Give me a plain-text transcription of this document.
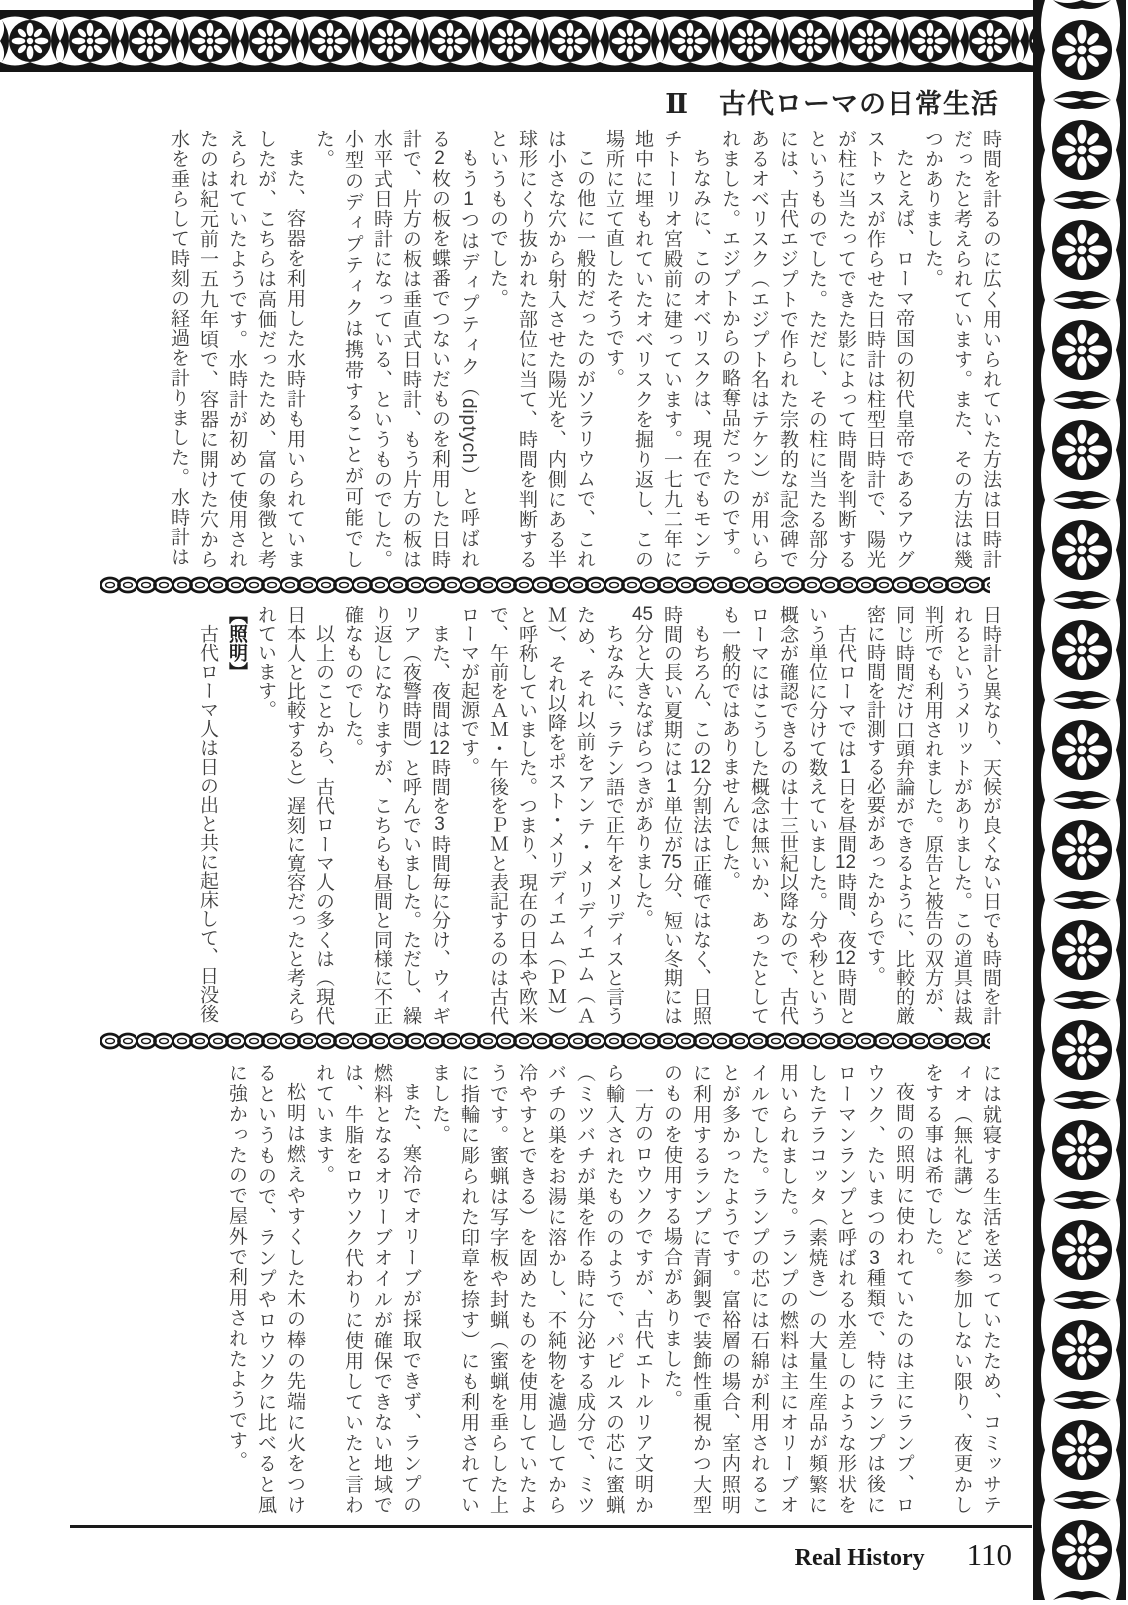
Ⅱ 古代ローマの日常生活

時間を計るのに広く用いられていた方法は日時計だったと考えられています。また、その方法は幾つかありました。

たとえば、ローマ帝国の初代皇帝であるアウグストゥスが作らせた日時計は柱型日時計で、陽光が柱に当たってできた影によって時間を判断するというものでした。ただし、その柱に当たる部分には、古代エジプトで作られた宗教的な記念碑であるオベリスク（エジプト名はテケン）が用いられました。エジプトからの略奪品だったのです。

ちなみに、このオベリスクは、現在でもモンテチトーリオ宮殿前に建っています。一七九二年に地中に埋もれていたオベリスクを掘り返し、この場所に立て直したそうです。

この他に一般的だったのがソラリウムで、これは小さな穴から射入させた陽光を、内側にある半球形にくり抜かれた部位に当て、時間を判断するというものでした。

もう1つはディプティク（diptych）と呼ばれる2枚の板を蝶番でつないだものを利用した日時計で、片方の板は垂直式日時計、もう片方の板は水平式日時計になっている、というものでした。小型のディプティクは携帯することが可能でした。

また、容器を利用した水時計も用いられていましたが、こちらは高価だったため、富の象徴と考えられていたようです。水時計が初めて使用されたのは紀元前一五九年頃で、容器に開けた穴から水を垂らして時刻の経過を計りました。水時計は

日時計と異なり、天候が良くない日でも時間を計れるというメリットがありました。この道具は裁判所でも利用されました。原告と被告の双方が、同じ時間だけ口頭弁論ができるように、比較的厳密に時間を計測する必要があったからです。

古代ローマでは1日を昼間12時間、夜12時間という単位に分けて数えていました。分や秒という概念が確認できるのは十三世紀以降なので、古代ローマにはこうした概念は無いか、あったとしても一般的ではありませんでした。

もちろん、この12分割法は正確ではなく、日照時間の長い夏期には1単位が75分、短い冬期には45分と大きなばらつきがありました。

ちなみに、ラテン語で正午をメリディスと言うため、それ以前をアンテ・メリディエム（ＡＭ）、それ以降をポスト・メリディエム（ＰＭ）と呼称していました。つまり、現在の日本や欧米で、午前をＡＭ・午後をＰＭと表記するのは古代ローマが起源です。

また、夜間は12時間を3時間毎に分け、ウィギリア（夜警時間）と呼んでいました。ただし、繰り返しになりますが、こちらも昼間と同様に不正確なものでした。

以上のことから、古代ローマ人の多くは（現代日本人と比較すると）遅刻に寛容だったと考えられています。

【照明】

古代ローマ人は日の出と共に起床して、日没後

には就寝する生活を送っていたため、コミッサティオ（無礼講）などに参加しない限り、夜更かしをする事は希でした。

夜間の照明に使われていたのは主にランプ、ロウソク、たいまつの3種類で、特にランプは後にローマンランプと呼ばれる水差しのような形状をしたテラコッタ（素焼き）の大量生産品が頻繁に用いられました。ランプの燃料は主にオリーブオイルでした。ランプの芯には石綿が利用されることが多かったようです。富裕層の場合、室内照明に利用するランプに青銅製で装飾性重視かつ大型のものを使用する場合がありました。

一方のロウソクですが、古代エトルリア文明から輸入されたもののようで、パピルスの芯に蜜蝋（ミツバチが巣を作る時に分泌する成分で、ミツバチの巣をお湯に溶かし、不純物を濾過してから冷やすとできる）を固めたものを使用していたようです。蜜蝋は写字板や封蝋（蜜蝋を垂らした上に指輪に彫られた印章を捺す）にも利用されていました。

また、寒冷でオリーブが採取できず、ランプの燃料となるオリーブオイルが確保できない地域では、牛脂をロウソク代わりに使用していたと言われています。

松明は燃えやすくした木の棒の先端に火をつけるというもので、ランプやロウソクに比べると風に強かったので屋外で利用されたようです。

Real History 110
